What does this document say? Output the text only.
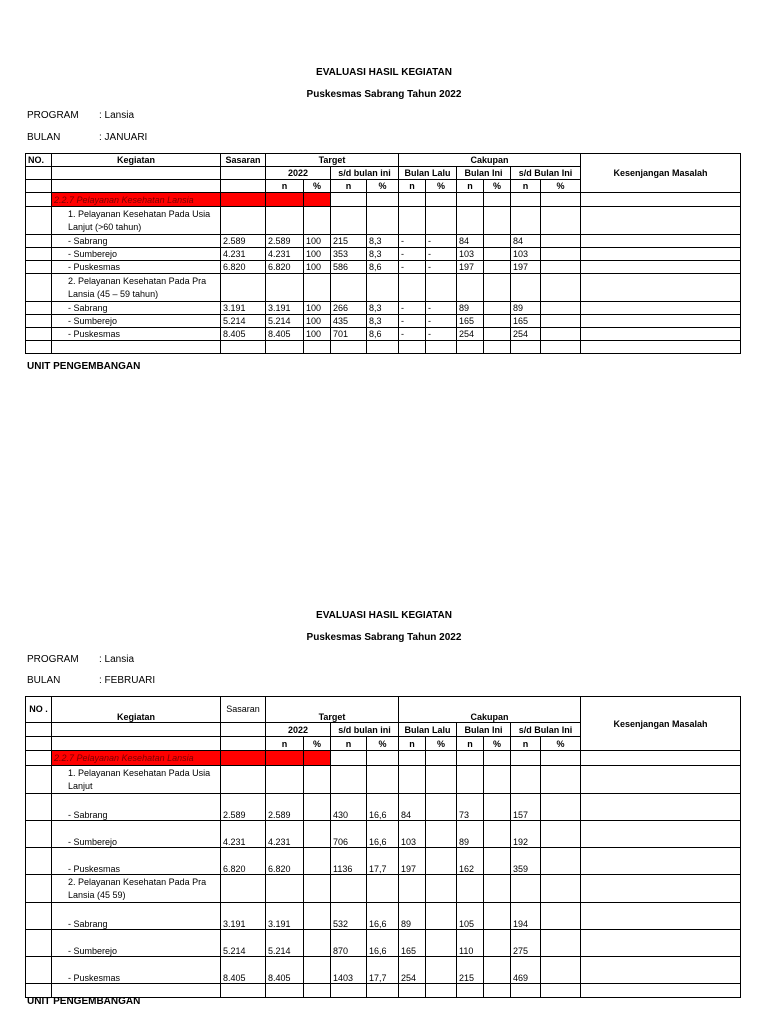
EVALUASI HASIL KEGIATAN
Puskesmas Sabrang Tahun 2022
PROGRAM : Lansia
BULAN	: JANUARI
NO.	Kegiatan	Sasaran	Target				Cakupan						Kesenjangan Masalah
			2022		s/d bulan ini		Bulan Lalu		Bulan Ini		s/d Bulan Ini		
			n	%	n	%	n	%	n	%	n	%	
	2.2.7 Pelayanan Kesehatan Lansia												
	1. Pelayanan Kesehatan Pada Usia Lanjut (>60 tahun)												
	- Sabrang	2.589	2.589	100	215	8,3	-	-	84		84		
	- Sumberejo	4.231	4.231	100	353	8,3	-	-	103		103		
	- Puskesmas	6.820	6.820	100	586	8,6	-	-	197		197		
	2. Pelayanan Kesehatan Pada Pra Lansia (45 – 59 tahun)												
	- Sabrang	3.191	3.191	100	266	8,3	-	-	89		89		
	- Sumberejo	5.214	5.214	100	435	8,3	-	-	165		165		
	- Puskesmas	8.405	8.405	100	701	8,6	-	-	254		254		

UNIT PENGEMBANGAN
EVALUASI HASIL KEGIATAN
Puskesmas Sabrang Tahun 2022
PROGRAM : Lansia
BULAN	: FEBRUARI
NO .	Kegiatan	Sasaran	Target				Cakupan						Kesenjangan Masalah
			2022		s/d bulan ini		Bulan Lalu		Bulan Ini		s/d Bulan Ini		
			n	%	n	%	n	%	n	%	n	%	
	2.2.7 Pelayanan Kesehatan Lansia												
	1. Pelayanan Kesehatan Pada Usia Lanjut												
	- Sabrang	2.589	2.589		430	16,6	84		73		157		
	- Sumberejo	4.231	4.231		706	16,6	103		89		192		
	- Puskesmas	6.820	6.820		1136	17,7	197		162		359		
	2. Pelayanan Kesehatan Pada Pra Lansia (45 59)												
	- Sabrang	3.191	3.191		532	16,6	89		105		194		
	- Sumberejo	5.214	5.214		870	16,6	165		110		275		
	- Puskesmas	8.405	8.405		1403	17,7	254		215		469		

UNIT PENGEMBANGAN
